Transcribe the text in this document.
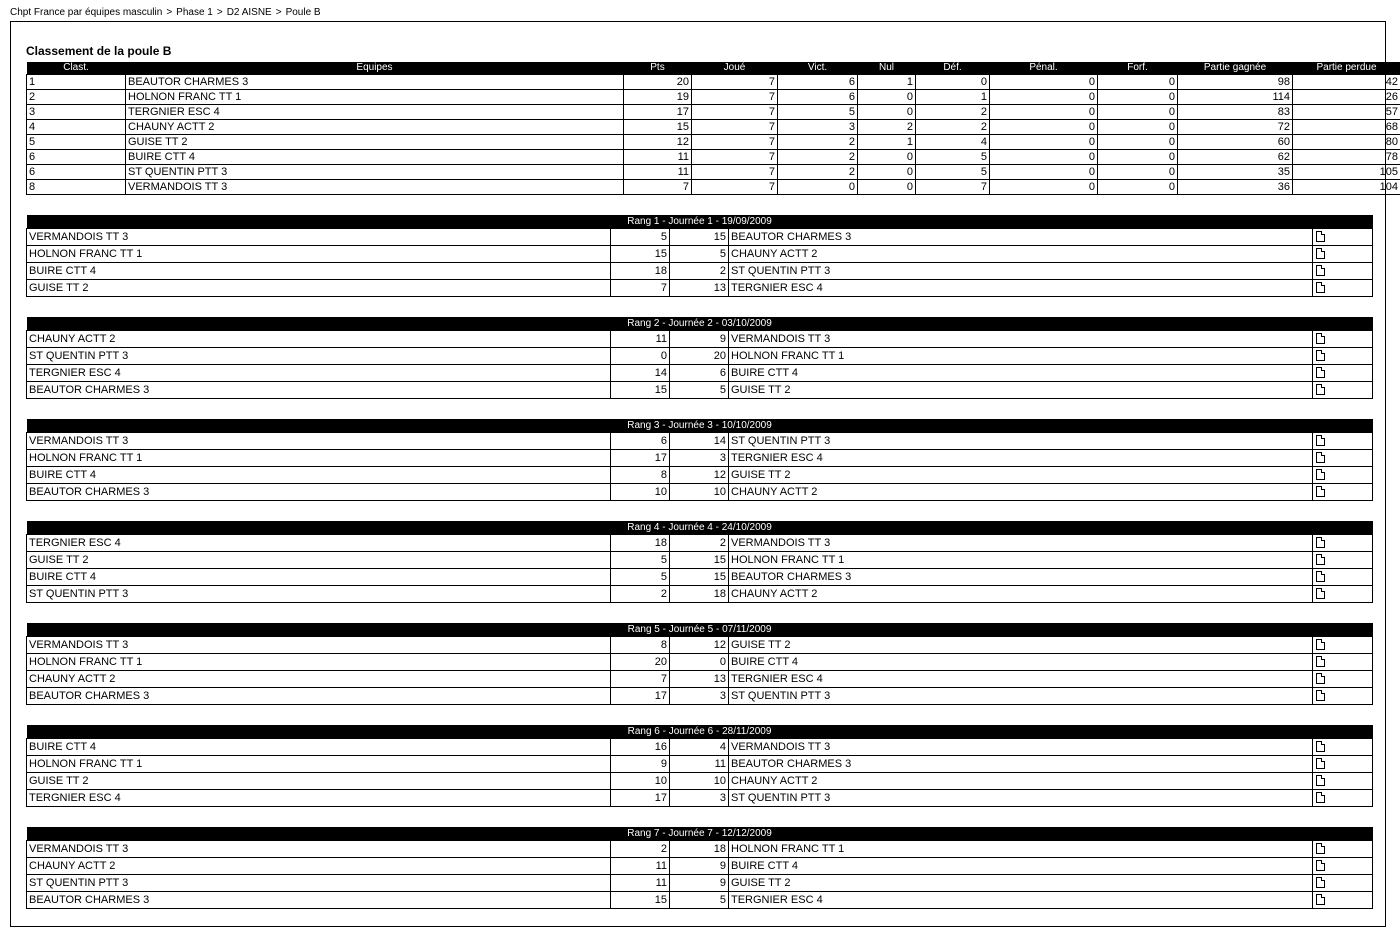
Chpt France par équipes masculin > Phase 1 > D2 AISNE > Poule B
Classement de la poule B
Clast.	Equipes	Pts	Joué	Vict.	Nul	Déf.	Pénal.	Forf.	Partie gagnée	Partie perdue
1	BEAUTOR CHARMES 3	20	7	6	1	0	0	0	98	42
2	HOLNON FRANC TT 1	19	7	6	0	1	0	0	114	26
3	TERGNIER ESC 4	17	7	5	0	2	0	0	83	57
4	CHAUNY ACTT 2	15	7	3	2	2	0	0	72	68
5	GUISE TT 2	12	7	2	1	4	0	0	60	80
6	BUIRE CTT 4	11	7	2	0	5	0	0	62	78
6	ST QUENTIN PTT 3	11	7	2	0	5	0	0	35	105
8	VERMANDOIS TT 3	7	7	0	0	7	0	0	36	104
Rang 1 - Journée 1 - 19/09/2009				
VERMANDOIS TT 3	5	15	BEAUTOR CHARMES 3	
HOLNON FRANC TT 1	15	5	CHAUNY ACTT 2	
BUIRE CTT 4	18	2	ST QUENTIN PTT 3	
GUISE TT 2	7	13	TERGNIER ESC 4	
Rang 2 - Journée 2 - 03/10/2009				
CHAUNY ACTT 2	11	9	VERMANDOIS TT 3	
ST QUENTIN PTT 3	0	20	HOLNON FRANC TT 1	
TERGNIER ESC 4	14	6	BUIRE CTT 4	
BEAUTOR CHARMES 3	15	5	GUISE TT 2	
Rang 3 - Journée 3 - 10/10/2009				
VERMANDOIS TT 3	6	14	ST QUENTIN PTT 3	
HOLNON FRANC TT 1	17	3	TERGNIER ESC 4	
BUIRE CTT 4	8	12	GUISE TT 2	
BEAUTOR CHARMES 3	10	10	CHAUNY ACTT 2	
Rang 4 - Journée 4 - 24/10/2009				
TERGNIER ESC 4	18	2	VERMANDOIS TT 3	
GUISE TT 2	5	15	HOLNON FRANC TT 1	
BUIRE CTT 4	5	15	BEAUTOR CHARMES 3	
ST QUENTIN PTT 3	2	18	CHAUNY ACTT 2	
Rang 5 - Journée 5 - 07/11/2009				
VERMANDOIS TT 3	8	12	GUISE TT 2	
HOLNON FRANC TT 1	20	0	BUIRE CTT 4	
CHAUNY ACTT 2	7	13	TERGNIER ESC 4	
BEAUTOR CHARMES 3	17	3	ST QUENTIN PTT 3	
Rang 6 - Journée 6 - 28/11/2009				
BUIRE CTT 4	16	4	VERMANDOIS TT 3	
HOLNON FRANC TT 1	9	11	BEAUTOR CHARMES 3	
GUISE TT 2	10	10	CHAUNY ACTT 2	
TERGNIER ESC 4	17	3	ST QUENTIN PTT 3	
Rang 7 - Journée 7 - 12/12/2009				
VERMANDOIS TT 3	2	18	HOLNON FRANC TT 1	
CHAUNY ACTT 2	11	9	BUIRE CTT 4	
ST QUENTIN PTT 3	11	9	GUISE TT 2	
BEAUTOR CHARMES 3	15	5	TERGNIER ESC 4	
